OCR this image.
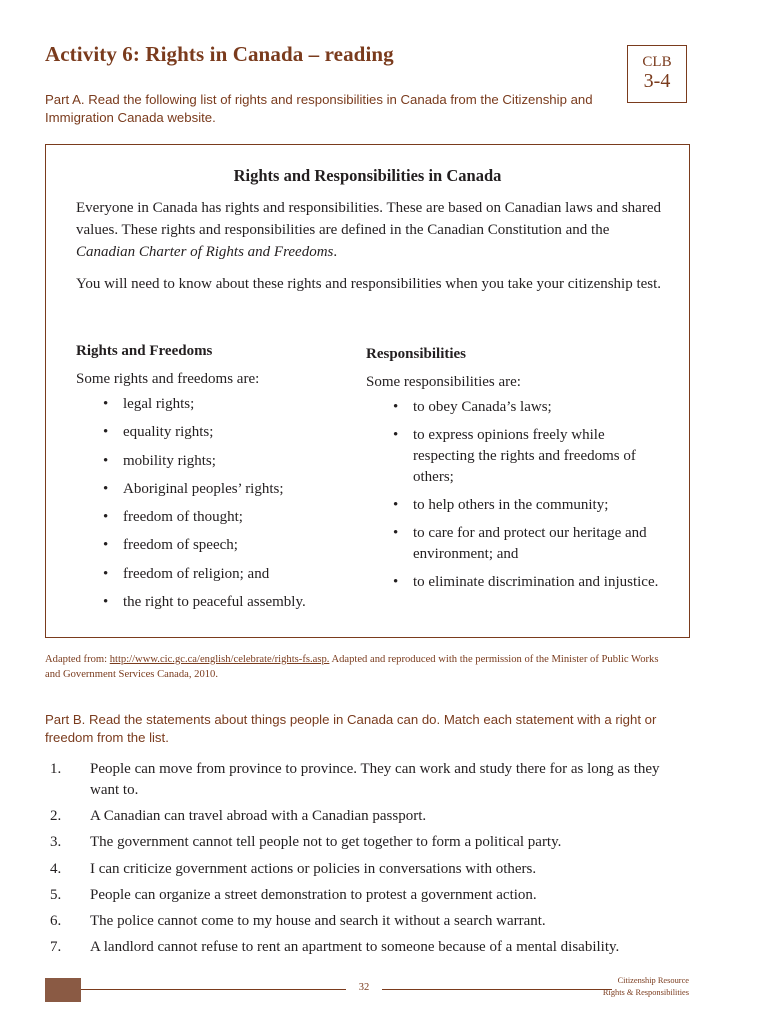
Activity 6: Rights in Canada – reading	CLB
3-4
Part A. Read the following list of rights and responsibilities in Canada from the Citizenship and Immigration Canada website.
Rights and Responsibilities in Canada
Everyone in Canada has rights and responsibilities. These are based on Canadian laws and shared values. These rights and responsibilities are defined in the Canadian Constitution and the Canadian Charter of Rights and Freedoms.
You will need to know about these rights and responsibilities when you take your citizenship test.
Rights and Freedoms
Some rights and freedoms are:
• legal rights;
• equality rights;
• mobility rights;
• Aboriginal peoples’ rights;
• freedom of thought;
• freedom of speech;
• freedom of religion; and
• the right to peaceful assembly.
Responsibilities
Some responsibilities are:
• to obey Canada’s laws;
• to express opinions freely while respecting the rights and freedoms of others;
• to help others in the community;
• to care for and protect our heritage and environment; and
• to eliminate discrimination and injustice.
Adapted from: http://www.cic.gc.ca/english/celebrate/rights-fs.asp. Adapted and reproduced with the permission of the Minister of Public Works and Government Services Canada, 2010.
Part B. Read the statements about things people in Canada can do. Match each statement with a right or freedom from the list.
1. People can move from province to province. They can work and study there for as long as they want to.
2. A Canadian can travel abroad with a Canadian passport.
3. The government cannot tell people not to get together to form a political party.
4. I can criticize government actions or policies in conversations with others.
5. People can organize a street demonstration to protest a government action.
6. The police cannot come to my house and search it without a search warrant.
7. A landlord cannot refuse to rent an apartment to someone because of a mental disability.
32
Citizenship Resource
Rights & Responsibilities
